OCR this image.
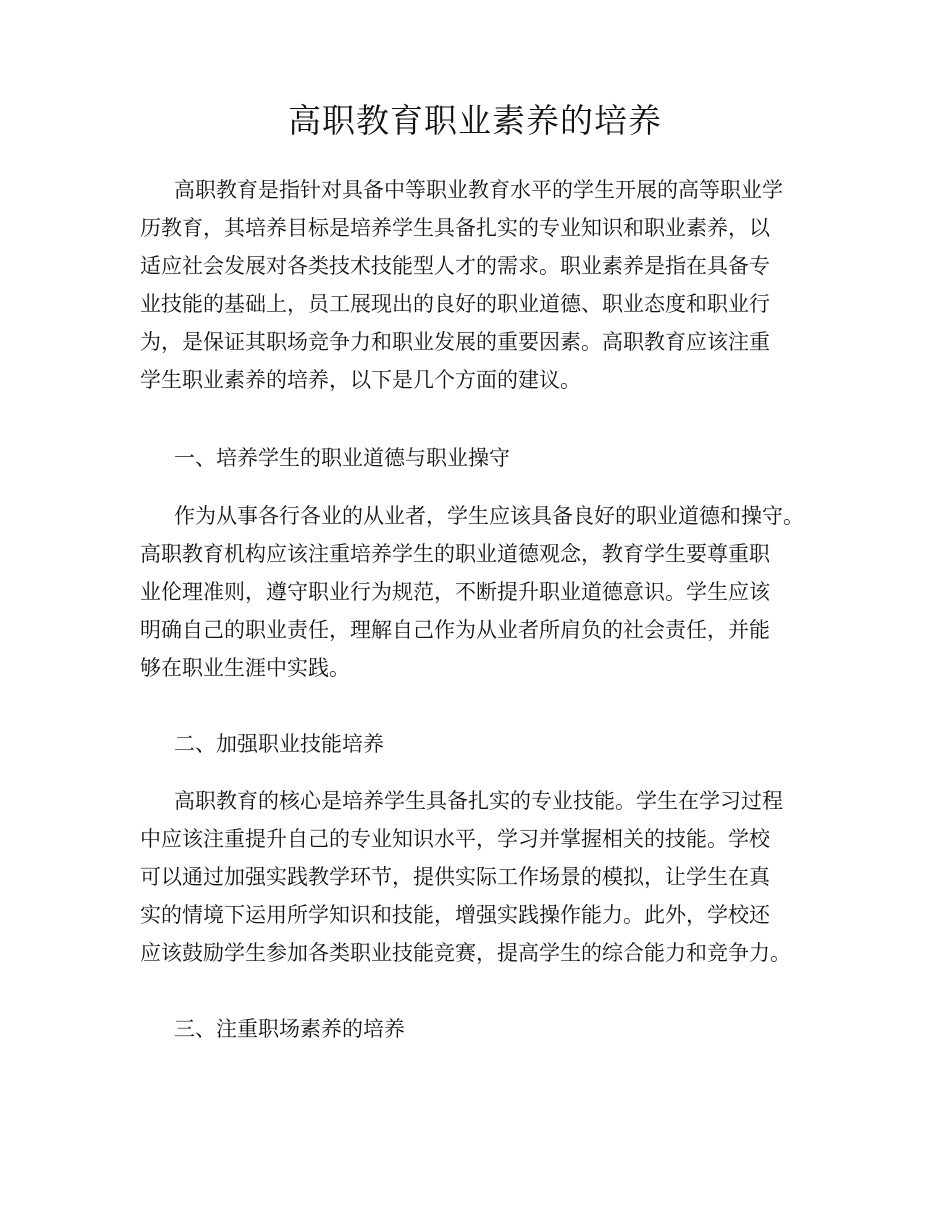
高职教育职业素养的培养
高职教育是指针对具备中等职业教育水平的学生开展的高等职业学
历教育，其培养目标是培养学生具备扎实的专业知识和职业素养，以
适应社会发展对各类技术技能型人才的需求。职业素养是指在具备专
业技能的基础上，员工展现出的良好的职业道德、职业态度和职业行
为，是保证其职场竞争力和职业发展的重要因素。高职教育应该注重
学生职业素养的培养，以下是几个方面的建议。
一、培养学生的职业道德与职业操守
作为从事各行各业的从业者，学生应该具备良好的职业道德和操守。
高职教育机构应该注重培养学生的职业道德观念，教育学生要尊重职
业伦理准则，遵守职业行为规范，不断提升职业道德意识。学生应该
明确自己的职业责任，理解自己作为从业者所肩负的社会责任，并能
够在职业生涯中实践。
二、加强职业技能培养
高职教育的核心是培养学生具备扎实的专业技能。学生在学习过程
中应该注重提升自己的专业知识水平，学习并掌握相关的技能。学校
可以通过加强实践教学环节，提供实际工作场景的模拟，让学生在真
实的情境下运用所学知识和技能，增强实践操作能力。此外，学校还
应该鼓励学生参加各类职业技能竞赛，提高学生的综合能力和竞争力。
三、注重职场素养的培养
